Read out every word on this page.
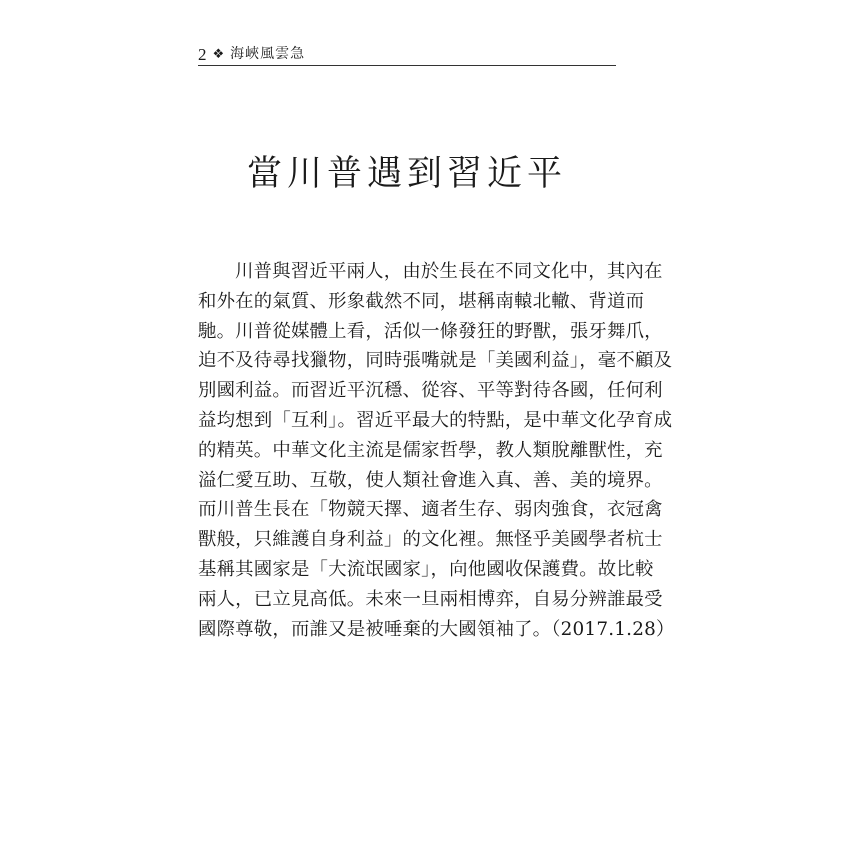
2 ❖ 海峽風雲急
當川普遇到習近平
川普與習近平兩人，由於生長在不同文化中，其內在
和外在的氣質、形象截然不同，堪稱南轅北轍、背道而
馳。川普從媒體上看，活似一條發狂的野獸，張牙舞爪，
迫不及待尋找獵物，同時張嘴就是「美國利益」，毫不顧及
別國利益。而習近平沉穩、從容、平等對待各國，任何利
益均想到「互利」。習近平最大的特點，是中華文化孕育成
的精英。中華文化主流是儒家哲學，教人類脫離獸性，充
溢仁愛互助、互敬，使人類社會進入真、善、美的境界。
而川普生長在「物競天擇、適者生存、弱肉強食，衣冠禽
獸般，只維護自身利益」的文化裡。無怪乎美國學者杭士
基稱其國家是「大流氓國家」，向他國收保護費。故比較
兩人，已立見高低。未來一旦兩相博弈，自易分辨誰最受
國際尊敬，而誰又是被唾棄的大國領袖了。（2017.1.28）
